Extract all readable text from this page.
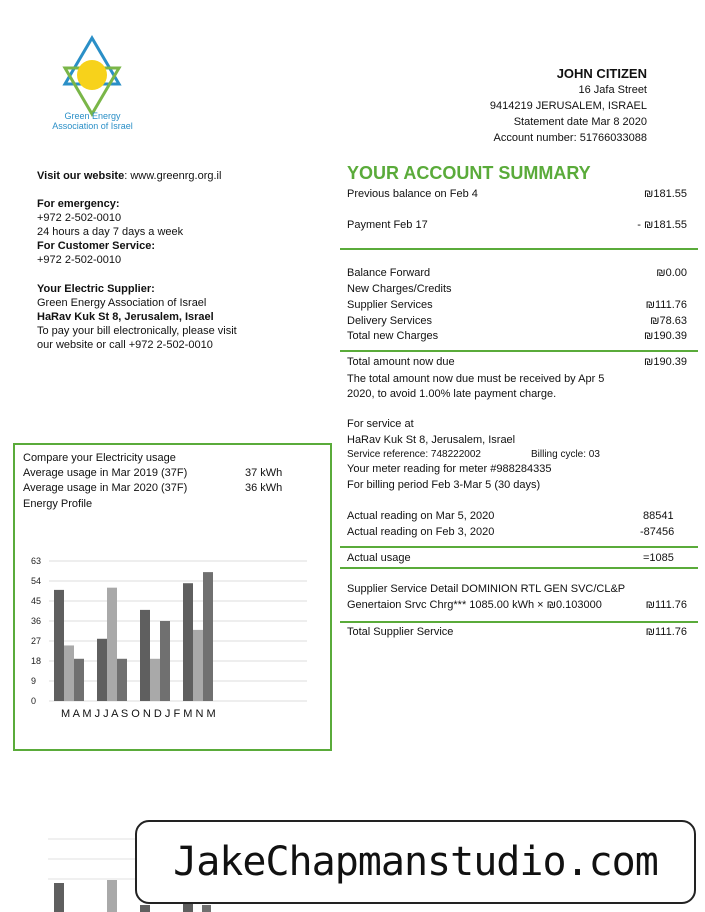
Green Energy
Association of Israel
JOHN CITIZEN
16 Jafa Street
9414219 JERUSALEM, ISRAEL
Statement date Mar 8 2020
Account number: 51766033088
Visit our website: www.greenrg.org.il
For emergency:
+972 2-502-0010
24 hours a day 7 days a week
For Customer Service:
+972 2-502-0010
Your Electric Supplier:
Green Energy Association of Israel
HaRav Kuk St 8, Jerusalem, Israel
To pay your bill electronically, please visit
our website or call +972 2-502-0010
YOUR ACCOUNT SUMMARY
Previous balance on Feb 4	₪181.55
Payment Feb 17	- ₪181.55
Balance Forward	₪0.00
New Charges/Credits
Supplier Services	₪111.76
Delivery Services	₪78.63
Total new Charges	₪190.39
Total amount now due	₪190.39
The total amount now due must be received by Apr 5
2020, to avoid 1.00% late payment charge.
For service at
HaRav Kuk St 8, Jerusalem, Israel
Service reference: 748222002	Billing cycle: 03
Your meter reading for meter #988284335
For billing period Feb 3-Mar 5 (30 days)
Actual reading on Mar 5, 2020	88541
Actual reading on Feb 3, 2020	-87456
Actual usage	=1085
Supplier Service Detail DOMINION RTL GEN SVC/CL&P
Genertaion Srvc Chrg*** 1085.00 kWh × ₪0.103000	₪111.76
Total Supplier Service	₪111.76
Compare your Electricity usage
Average usage in Mar 2019 (37F)	37 kWh
Average usage in Mar 2020 (37F)	36 kWh
Energy Profile
0
9
18
27
36
45
54
63
M A M J J A S O N D J F M N M
JakeChapmanstudio.com
